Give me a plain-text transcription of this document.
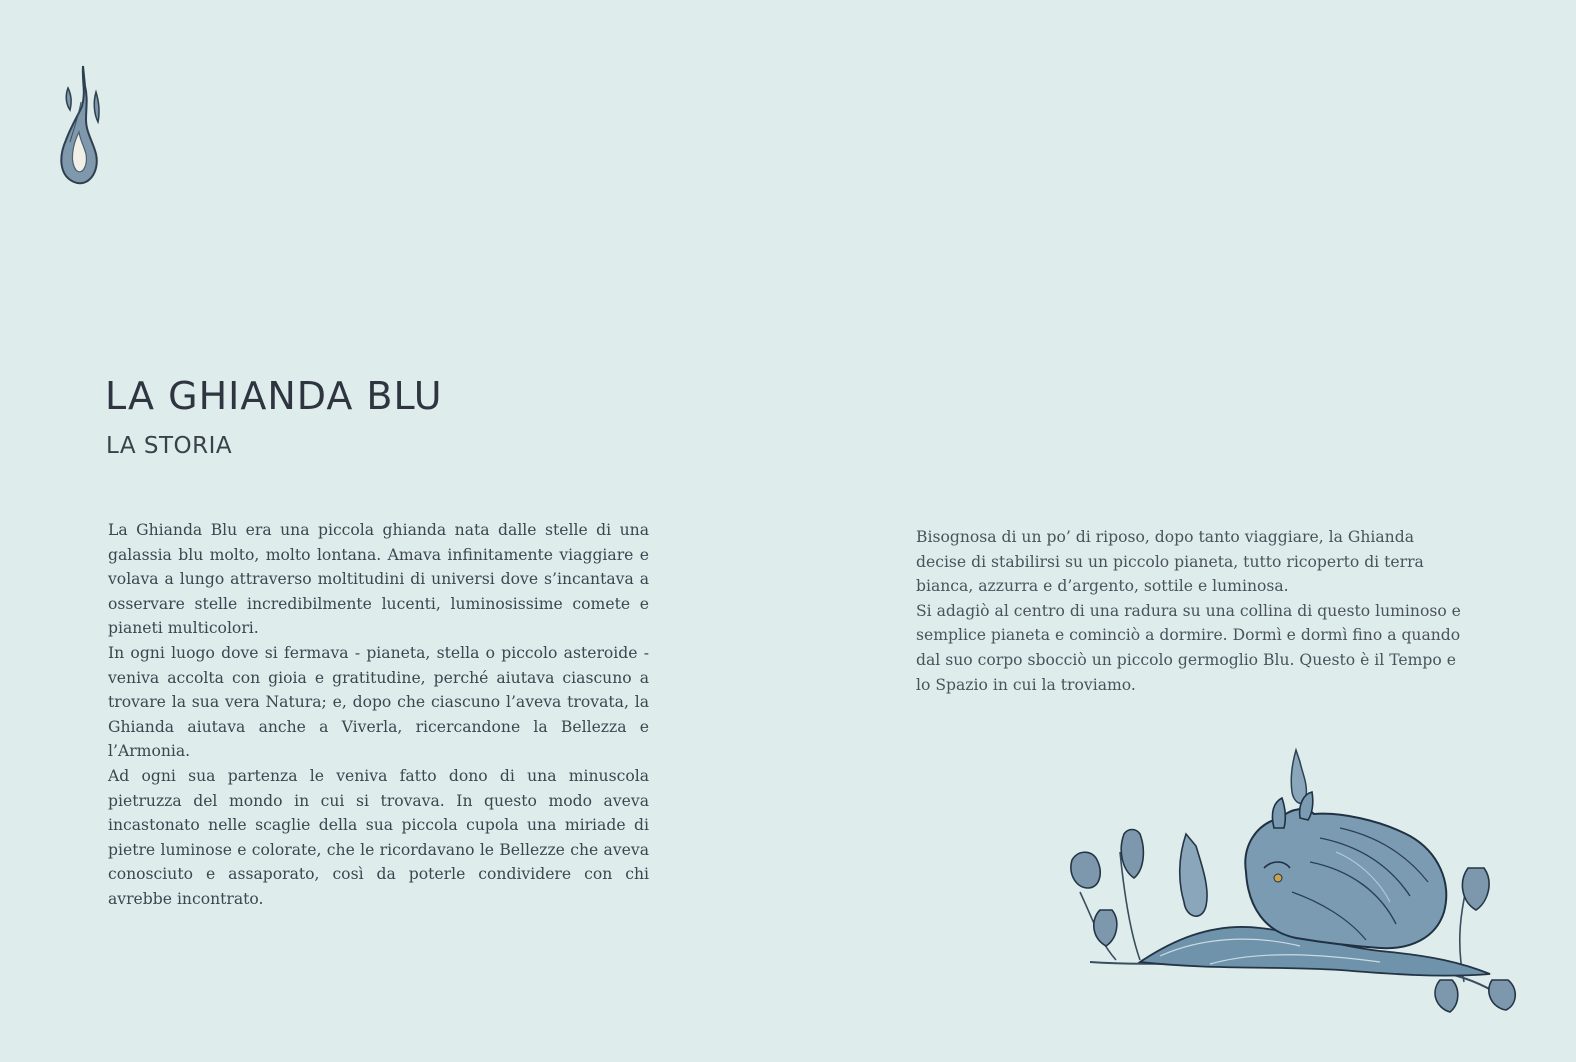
LA GHIANDA BLU
LA STORIA

La Ghianda Blu era una piccola ghianda nata dalle stelle di una galassia blu molto, molto lontana. Amava infinitamente viaggiare e volava a lungo attraverso moltitudini di universi dove s’incantava a osservare stelle incredibilmente lucenti, luminosissime comete e pianeti multicolori.

In ogni luogo dove si fermava - pianeta, stella o piccolo asteroide - veniva accolta con gioia e gratitudine, perché aiutava ciascuno a trovare la sua vera Natura; e, dopo che ciascuno l’aveva trovata, la Ghianda aiutava anche a Viverla, ricercandone la Bellezza e l’Armonia.

Ad ogni sua partenza le veniva fatto dono di una minuscola pietruzza del mondo in cui si trovava. In questo modo aveva incastonato nelle scaglie della sua piccola cupola una miriade di pietre luminose e colorate, che le ricordavano le Bellezze che aveva conosciuto e assaporato, così da poterle condividere con chi avrebbe incontrato.

Bisognosa di un po’ di riposo, dopo tanto viaggiare, la Ghianda decise di stabilirsi su un piccolo pianeta, tutto ricoperto di terra bianca, azzurra e d’argento, sottile e luminosa.

Si adagiò al centro di una radura su una collina di questo luminoso e semplice pianeta e cominciò a dormire. Dormì e dormì fino a quando dal suo corpo sbocciò un piccolo germoglio Blu. Questo è il Tempo e lo Spazio in cui la troviamo.
